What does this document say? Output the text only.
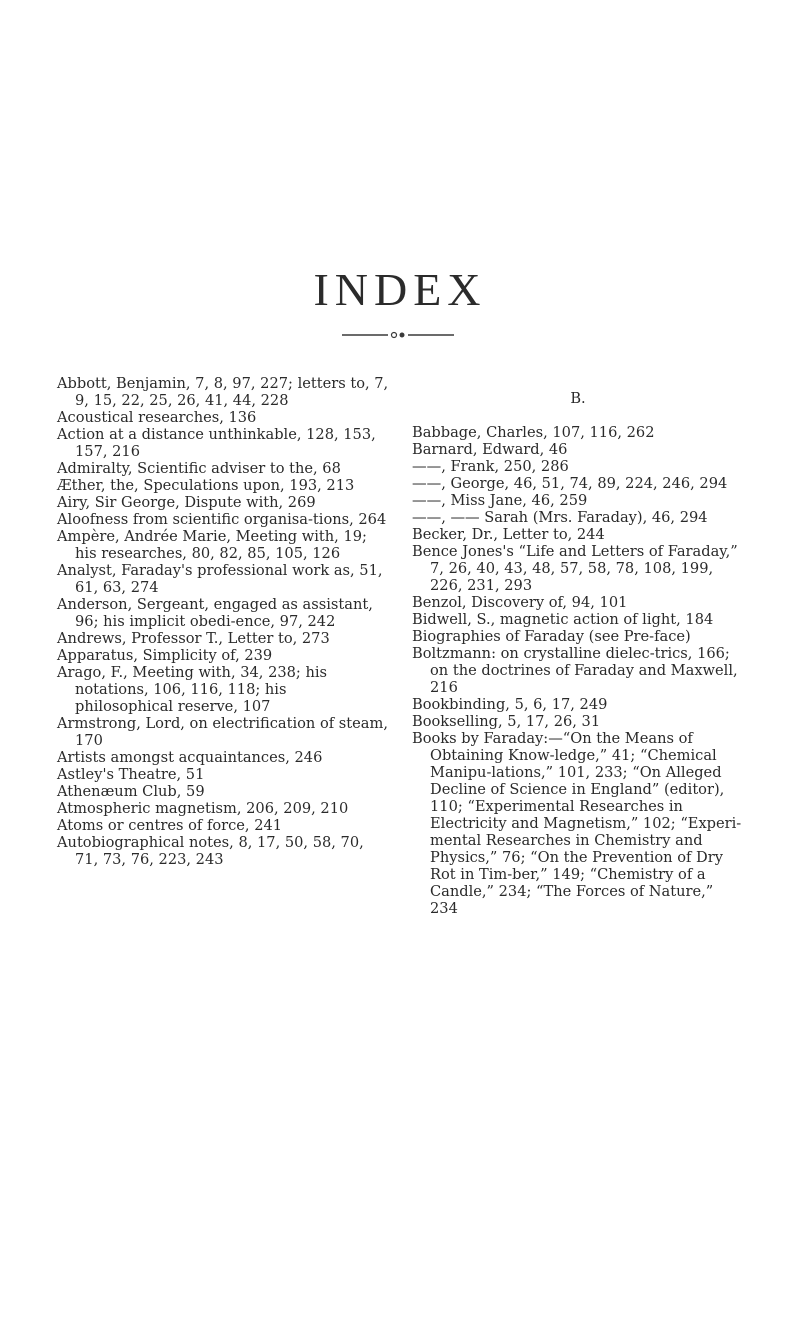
INDEX

Abbott, Benjamin, 7, 8, 97, 227; letters to, 7, 9, 15, 22, 25, 26, 41, 44, 228

Acoustical researches, 136

Action at a distance unthinkable, 128, 153, 157, 216

Admiralty, Scientific adviser to the, 68

Æther, the, Speculations upon, 193, 213

Airy, Sir George, Dispute with, 269

Aloofness from scientific organisa-tions, 264

Ampère, Andrée Marie, Meeting with, 19; his researches, 80, 82, 85, 105, 126

Analyst, Faraday's professional work as, 51, 61, 63, 274

Anderson, Sergeant, engaged as assistant, 96; his implicit obedi-ence, 97, 242

Andrews, Professor T., Letter to, 273

Apparatus, Simplicity of, 239

Arago, F., Meeting with, 34, 238; his notations, 106, 116, 118; his philosophical reserve, 107

Armstrong, Lord, on electrification of steam, 170

Artists amongst acquaintances, 246

Astley's Theatre, 51

Athenæum Club, 59

Atmospheric magnetism, 206, 209, 210

Atoms or centres of force, 241

Autobiographical notes, 8, 17, 50, 58, 70, 71, 73, 76, 223, 243

B.

Babbage, Charles, 107, 116, 262

Barnard, Edward, 46

——, Frank, 250, 286

——, George, 46, 51, 74, 89, 224, 246, 294

——, Miss Jane, 46, 259

——, —— Sarah (Mrs. Faraday), 46, 294

Becker, Dr., Letter to, 244

Bence Jones's “Life and Letters of Faraday,” 7, 26, 40, 43, 48, 57, 58, 78, 108, 199, 226, 231, 293

Benzol, Discovery of, 94, 101

Bidwell, S., magnetic action of light, 184

Biographies of Faraday (see Pre-face)

Boltzmann: on crystalline dielec-trics, 166; on the doctrines of Faraday and Maxwell, 216

Bookbinding, 5, 6, 17, 249

Bookselling, 5, 17, 26, 31

Books by Faraday:—“On the Means of Obtaining Know-ledge,” 41; “Chemical Manipu-lations,” 101, 233; “On Alleged Decline of Science in England” (editor), 110; “Experimental Researches in Electricity and Magnetism,” 102; “Experi-mental Researches in Chemistry and Physics,” 76; “On the Prevention of Dry Rot in Tim-ber,” 149; “Chemistry of a Candle,” 234; “The Forces of Nature,” 234
